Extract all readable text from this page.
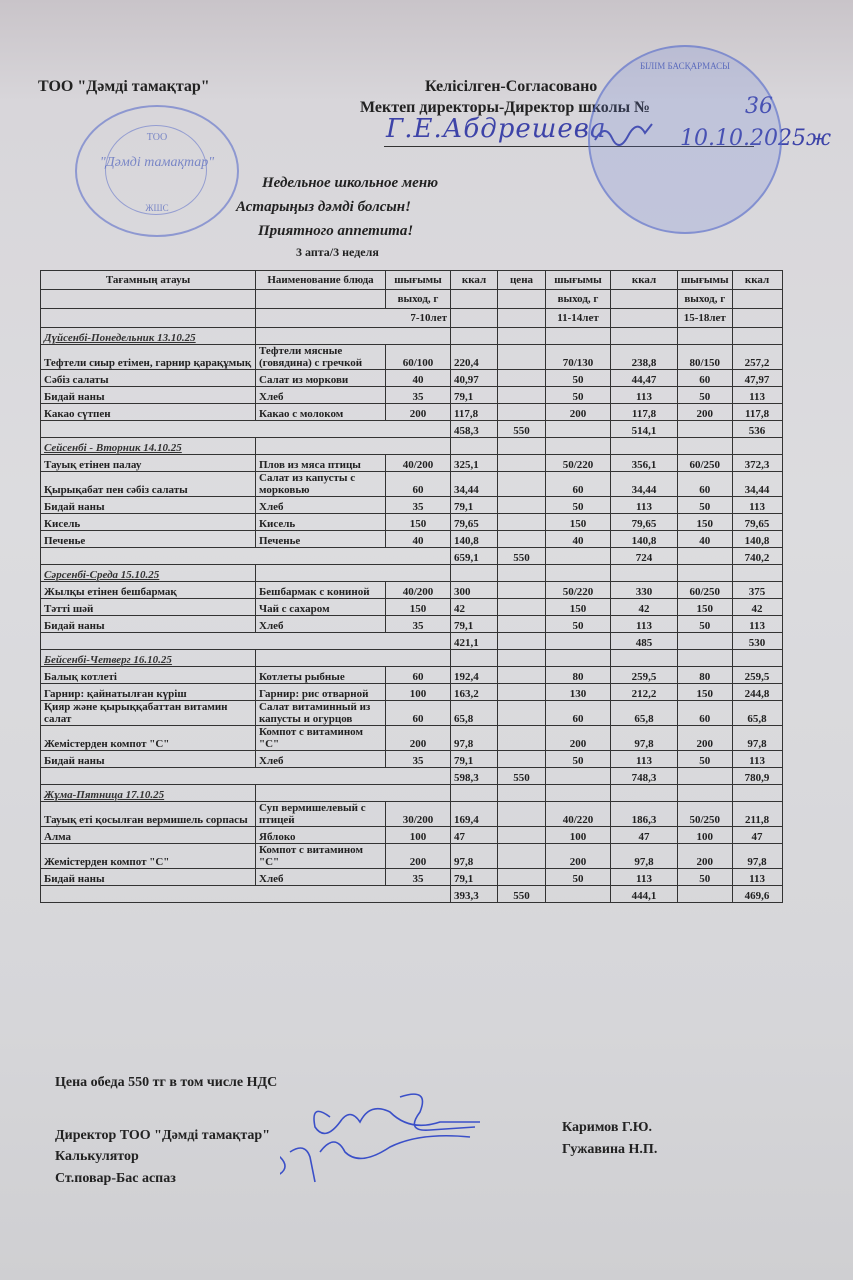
ТОО "Дәмді тамақтар"	Келісілген-Согласовано
Мектеп директоры-Директор школы №	36
Г.Е.Абдрешева	10.10.2025ж
ТОО
"Дәмді тамақтар"
ЖШС
БІЛІМ БАСҚАРМАСЫ
Недельное школьное меню
Астарыңыз дәмді болсын!
Приятного аппетита!
3 апта/3 неделя
Тағамның атауы	Наименование блюда	шығымы	ккал	цена	шығымы	ккал	шығымы	ккал
		выход, г			выход, г		выход, г	
	7-10лет				11-14лет		15-18лет	
Дүйсенбі-Понедельник 13.10.25								
Тефтели сиыр етімен, гарнир қарақұмық	Тефтели мясные (говядина) с гречкой	60/100	220,4		70/130	238,8	80/150	257,2
Сәбіз салаты	Салат из моркови	40	40,97		50	44,47	60	47,97
Бидай наны	Хлеб	35	79,1		50	113	50	113
Какао сүтпен	Какао с молоком	200	117,8		200	117,8	200	117,8
			458,3	550		514,1		536
Сейсенбі - Вторник 14.10.25								
Тауық етінен палау	Плов из мяса птицы	40/200	325,1		50/220	356,1	60/250	372,3
Қырықабат пен сәбіз салаты	Салат из капусты с морковью	60	34,44		60	34,44	60	34,44
Бидай наны	Хлеб	35	79,1		50	113	50	113
Кисель	Кисель	150	79,65		150	79,65	150	79,65
Печенье	Печенье	40	140,8		40	140,8	40	140,8
			659,1	550		724		740,2
Сәрсенбі-Среда 15.10.25								
Жылқы етінен бешбармақ	Бешбармак с кониной	40/200	300		50/220	330	60/250	375
Тәтті шәй	Чай с сахаром	150	42		150	42	150	42
Бидай наны	Хлеб	35	79,1		50	113	50	113
			421,1			485		530
Бейсенбі-Четверг 16.10.25								
Балық котлеті	Котлеты рыбные	60	192,4		80	259,5	80	259,5
Гарнир: қайнатылған күріш	Гарнир: рис отварной	100	163,2		130	212,2	150	244,8
Қияр және қырыққабаттан витамин салат	Салат витаминный из капусты и огурцов	60	65,8		60	65,8	60	65,8
Жемістерден компот "С"	Компот с витамином "С"	200	97,8		200	97,8	200	97,8
Бидай наны	Хлеб	35	79,1		50	113	50	113
			598,3	550		748,3		780,9
Жұма-Пятница 17.10.25								
Тауық еті қосылған вермишель сорпасы	Суп вермишелевый с птицей	30/200	169,4		40/220	186,3	50/250	211,8
Алма	Яблоко	100	47		100	47	100	47
Жемістерден компот "С"	Компот с витамином "С"	200	97,8		200	97,8	200	97,8
Бидай наны	Хлеб	35	79,1		50	113	50	113
			393,3	550		444,1		469,6
Цена обеда 550 тг в том числе НДС
Директор ТОО "Дәмді тамақтар"
Калькулятор
Ст.повар-Бас аспаз
Каримов Г.Ю.
Гужавина Н.П.
